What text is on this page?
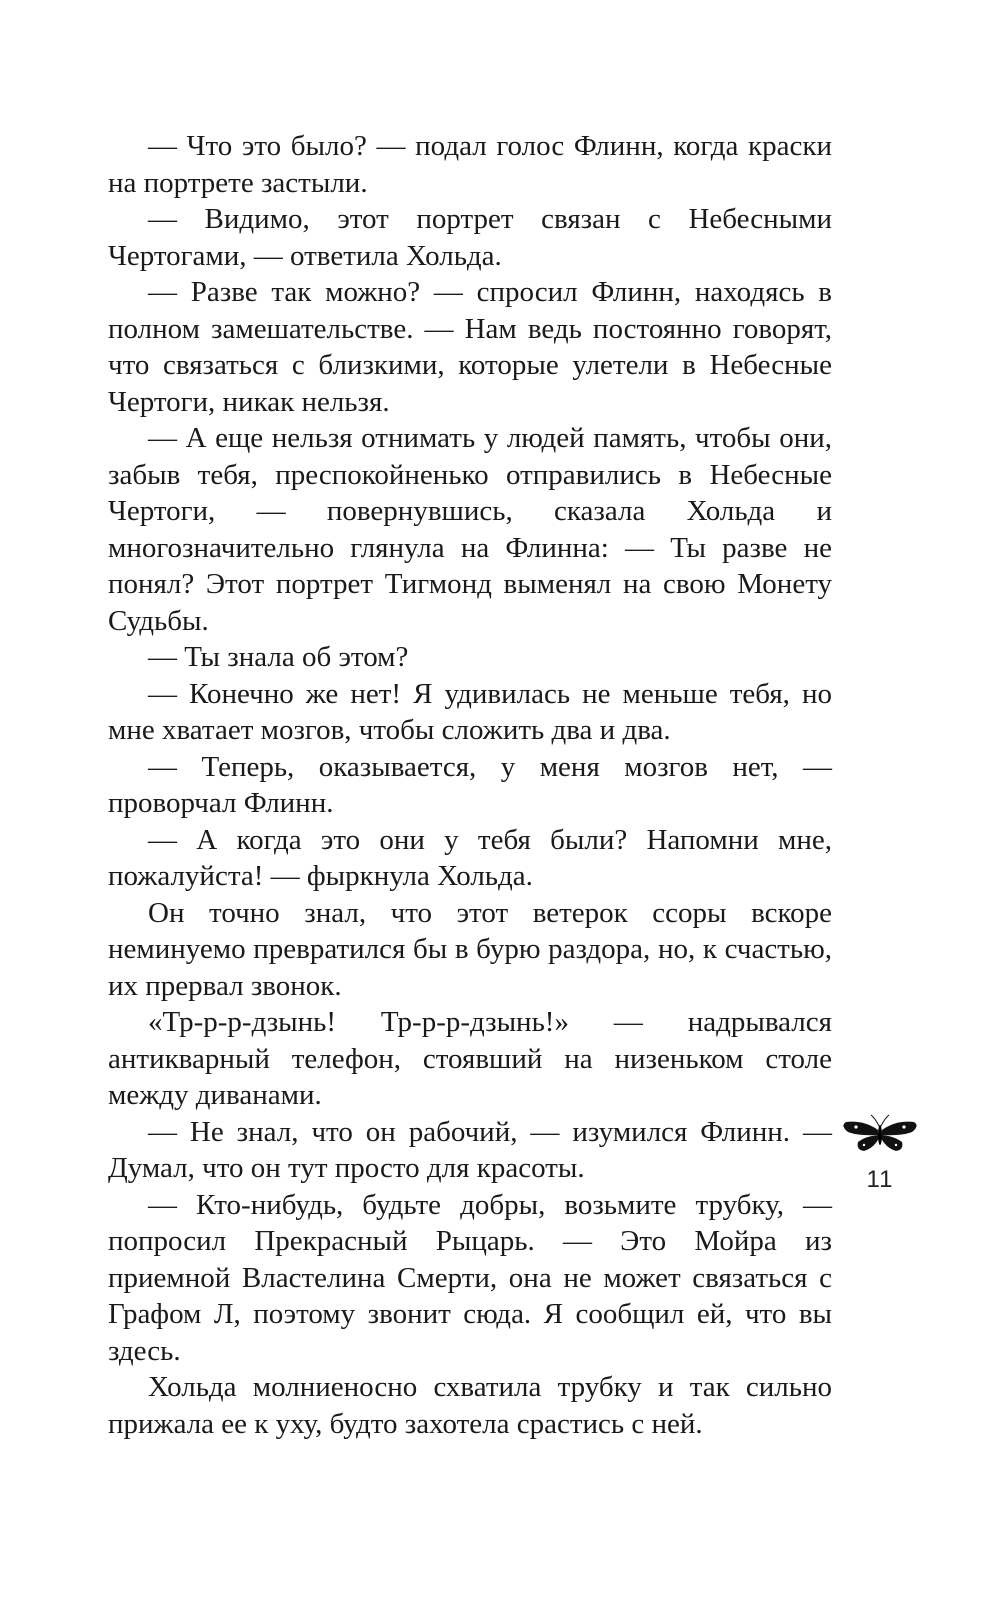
— Что это было? — подал голос Флинн, когда краски на портрете застыли.

— Видимо, этот портрет связан с Небесными Чертогами, — ответила Хольда.

— Разве так можно? — спросил Флинн, находясь в полном замешательстве. — Нам ведь постоянно говорят, что связаться с близкими, которые улетели в Небесные Чертоги, никак нельзя.

— А еще нельзя отнимать у людей память, чтобы они, забыв тебя, преспокойненько отправились в Небесные Чертоги, — повернувшись, сказала Хольда и многозначительно глянула на Флинна: — Ты разве не понял? Этот портрет Тигмонд выменял на свою Монету Судьбы.

— Ты знала об этом?

— Конечно же нет! Я удивилась не меньше тебя, но мне хватает мозгов, чтобы сложить два и два.

— Теперь, оказывается, у меня мозгов нет, — проворчал Флинн.

— А когда это они у тебя были? Напомни мне, пожалуйста! — фыркнула Хольда.

Он точно знал, что этот ветерок ссоры вскоре неминуемо превратился бы в бурю раздора, но, к счастью, их прервал звонок.

«Тр-р-р-дзынь! Тр-р-р-дзынь!» — надрывался антикварный телефон, стоявший на низеньком столе между диванами.

— Не знал, что он рабочий, — изумился Флинн. — Думал, что он тут просто для красоты.

— Кто-нибудь, будьте добры, возьмите трубку, — попросил Прекрасный Рыцарь. — Это Мойра из приемной Властелина Смерти, она не может связаться с Графом Л, поэтому звонит сюда. Я сообщил ей, что вы здесь.

Хольда молниеносно схватила трубку и так сильно прижала ее к уху, будто захотела срастись с ней.

11
